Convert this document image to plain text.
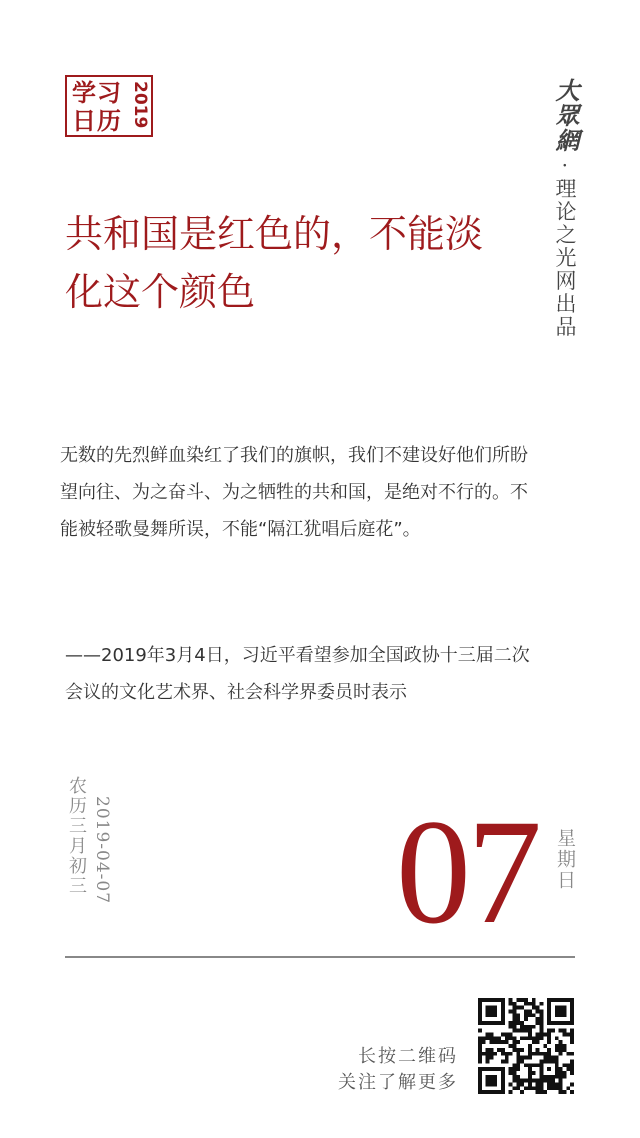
学习
日历 2019
共和国是红色的，不能淡化这个颜色
大眾網 · 理论之光网出品

无数的先烈鲜血染红了我们的旗帜，我们不建设好他们所盼望向往、为之奋斗、为之牺牲的共和国，是绝对不行的。不能被轻歌曼舞所误，不能“隔江犹唱后庭花”。

——2019年3月4日，习近平看望参加全国政协十三届二次会议的文化艺术界、社会科学界委员时表示

农历三月初三 2019-04-07 07 星期日
长按二维码
关注了解更多
